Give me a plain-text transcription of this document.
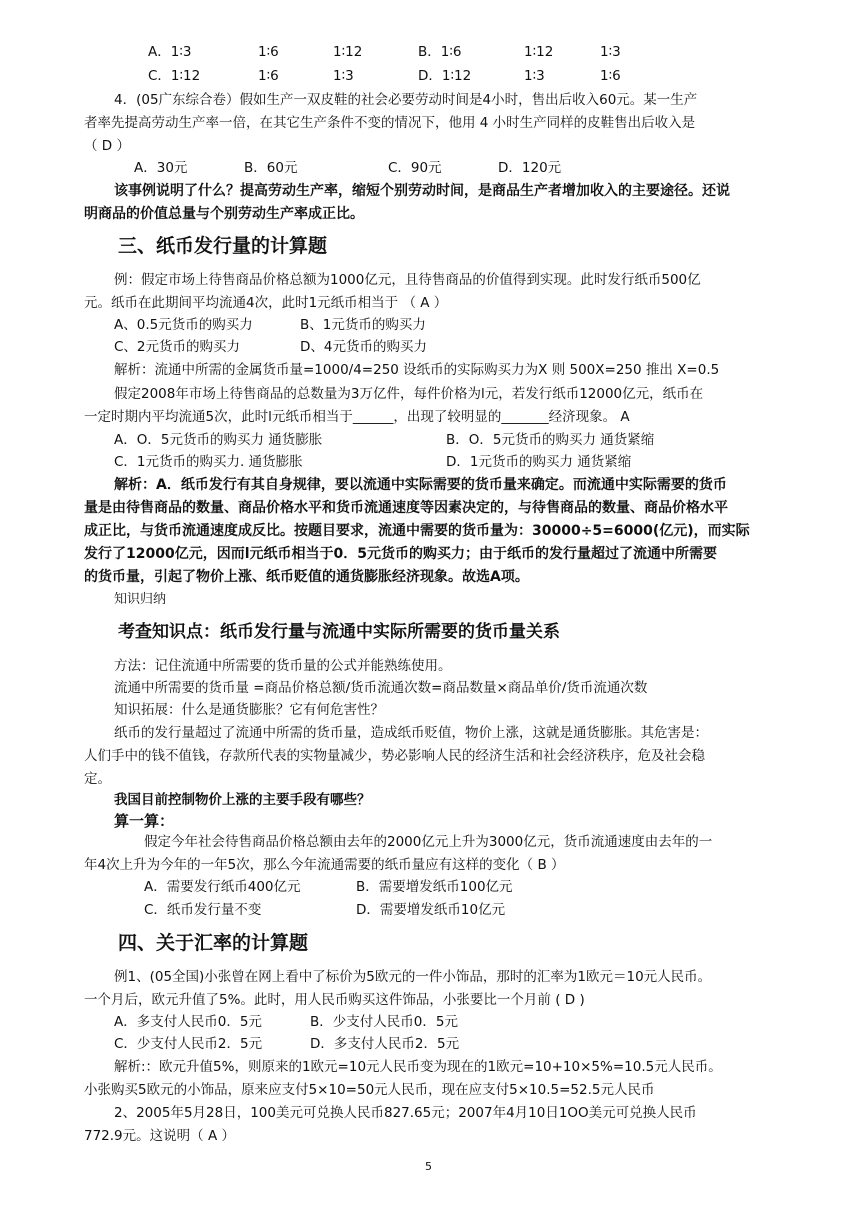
A．1∶3	1∶6	1∶12	B．1∶6	1∶12	1∶3
C．1∶12	1∶6	1∶3	D．1∶12	1∶3	1∶6
4．(05广东综合卷）假如生产一双皮鞋的社会必要劳动时间是4小时，售出后收入60元。某一生产
者率先提高劳动生产率一倍，在其它生产条件不变的情况下，他用 4 小时生产同样的皮鞋售出后收入是
（ D ）
A．30元	B．60元	C．90元	D．120元
该事例说明了什么？提高劳动生产率，缩短个别劳动时间，是商品生产者增加收入的主要途径。还说
明商品的价值总量与个别劳动生产率成正比。
三、纸币发行量的计算题
例：假定市场上待售商品价格总额为1000亿元，且待售商品的价值得到实现。此时发行纸币500亿
元。纸币在此期间平均流通4次，此时1元纸币相当于 （ A ）
A、0.5元货币的购买力	B、1元货币的购买力
C、2元货币的购买力	D、4元货币的购买力
解析：流通中所需的金属货币量=1000/4=250 设纸币的实际购买力为X 则 500X=250 推出 X=0.5
假定2008年市场上待售商品的总数量为3万亿件，每件价格为l元，若发行纸币12000亿元，纸币在
一定时期内平均流通5次，此时l元纸币相当于______，出现了较明显的_______经济现象。 A
A．O．5元货币的购买力 通货膨胀	B．O．5元货币的购买力 通货紧缩
C．1元货币的购买力. 通货膨胀	D．1元货币的购买力 通货紧缩
解析：A．纸币发行有其自身规律，要以流通中实际需要的货币量来确定。而流通中实际需要的货币
量是由待售商品的数量、商品价格水平和货币流通速度等因素决定的，与待售商品的数量、商品价格水平
成正比，与货币流通速度成反比。按题目要求，流通中需要的货币量为：30000÷5=6000(亿元)，而实际
发行了12000亿元，因而l元纸币相当于0．5元货币的购买力；由于纸币的发行量超过了流通中所需要
的货币量，引起了物价上涨、纸币贬值的通货膨胀经济现象。故选A项。
知识归纳
考查知识点：纸币发行量与流通中实际所需要的货币量关系
方法：记住流通中所需要的货币量的公式并能熟练使用。
流通中所需要的货币量 =商品价格总额/货币流通次数=商品数量×商品单价/货币流通次数
知识拓展：什么是通货膨胀？它有何危害性？
纸币的发行量超过了流通中所需的货币量，造成纸币贬值，物价上涨，这就是通货膨胀。其危害是：
人们手中的钱不值钱，存款所代表的实物量减少，势必影响人民的经济生活和社会经济秩序，危及社会稳
定。
我国目前控制物价上涨的主要手段有哪些？
算一算：
假定今年社会待售商品价格总额由去年的2000亿元上升为3000亿元，货币流通速度由去年的一
年4次上升为今年的一年5次，那么今年流通需要的纸币量应有这样的变化（ B ）
A．需要发行纸币400亿元	B．需要增发纸币100亿元
C．纸币发行量不变	D．需要增发纸币10亿元
四、关于汇率的计算题
例1、(05全国)小张曾在网上看中了标价为5欧元的一件小饰品，那时的汇率为1欧元＝10元人民币。
一个月后，欧元升值了5%。此时，用人民币购买这件饰品，小张要比一个月前 ( D )
A．多支付人民币0．5元	B．少支付人民币0．5元
C．少支付人民币2．5元	D．多支付人民币2．5元
解析:：欧元升值5%，则原来的1欧元=10元人民币变为现在的1欧元=10+10×5%=10.5元人民币。
小张购买5欧元的小饰品，原来应支付5×10=50元人民币，现在应支付5×10.5=52.5元人民币
2、2005年5月28日，100美元可兑换人民币827.65元；2007年4月10日1OO美元可兑换人民币
772.9元。这说明（ A ）
5
